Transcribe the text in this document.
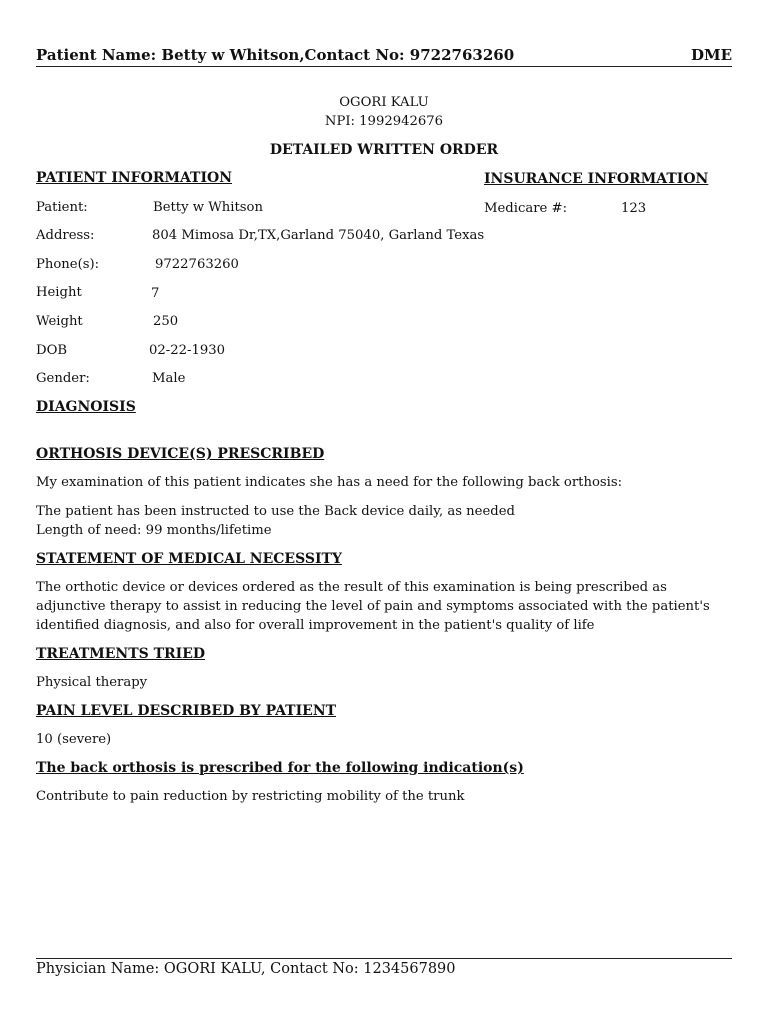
Patient Name: Betty w Whitson,Contact No: 9722763260	DME
OGORI KALU
NPI: 1992942676
DETAILED WRITTEN ORDER
PATIENT INFORMATION	INSURANCE INFORMATION
Patient:	Betty w Whitson	Medicare #:	123
Address:	804 Mimosa Dr,TX,Garland 75040, Garland Texas
Phone(s):	9722763260
Height	7
Weight	250
DOB	02-22-1930
Gender:	Male
DIAGNOISIS
ORTHOSIS DEVICE(S) PRESCRIBED
My examination of this patient indicates she has a need for the following back orthosis:
The patient has been instructed to use the Back device daily, as needed
Length of need: 99 months/lifetime
STATEMENT OF MEDICAL NECESSITY
The orthotic device or devices ordered as the result of this examination is being prescribed as adjunctive therapy to assist in reducing the level of pain and symptoms associated with the patient's identified diagnosis, and also for overall improvement in the patient's quality of life
TREATMENTS TRIED
Physical therapy
PAIN LEVEL DESCRIBED BY PATIENT
10 (severe)
The back orthosis is prescribed for the following indication(s)
Contribute to pain reduction by restricting mobility of the trunk
Physician Name: OGORI KALU, Contact No: 1234567890
